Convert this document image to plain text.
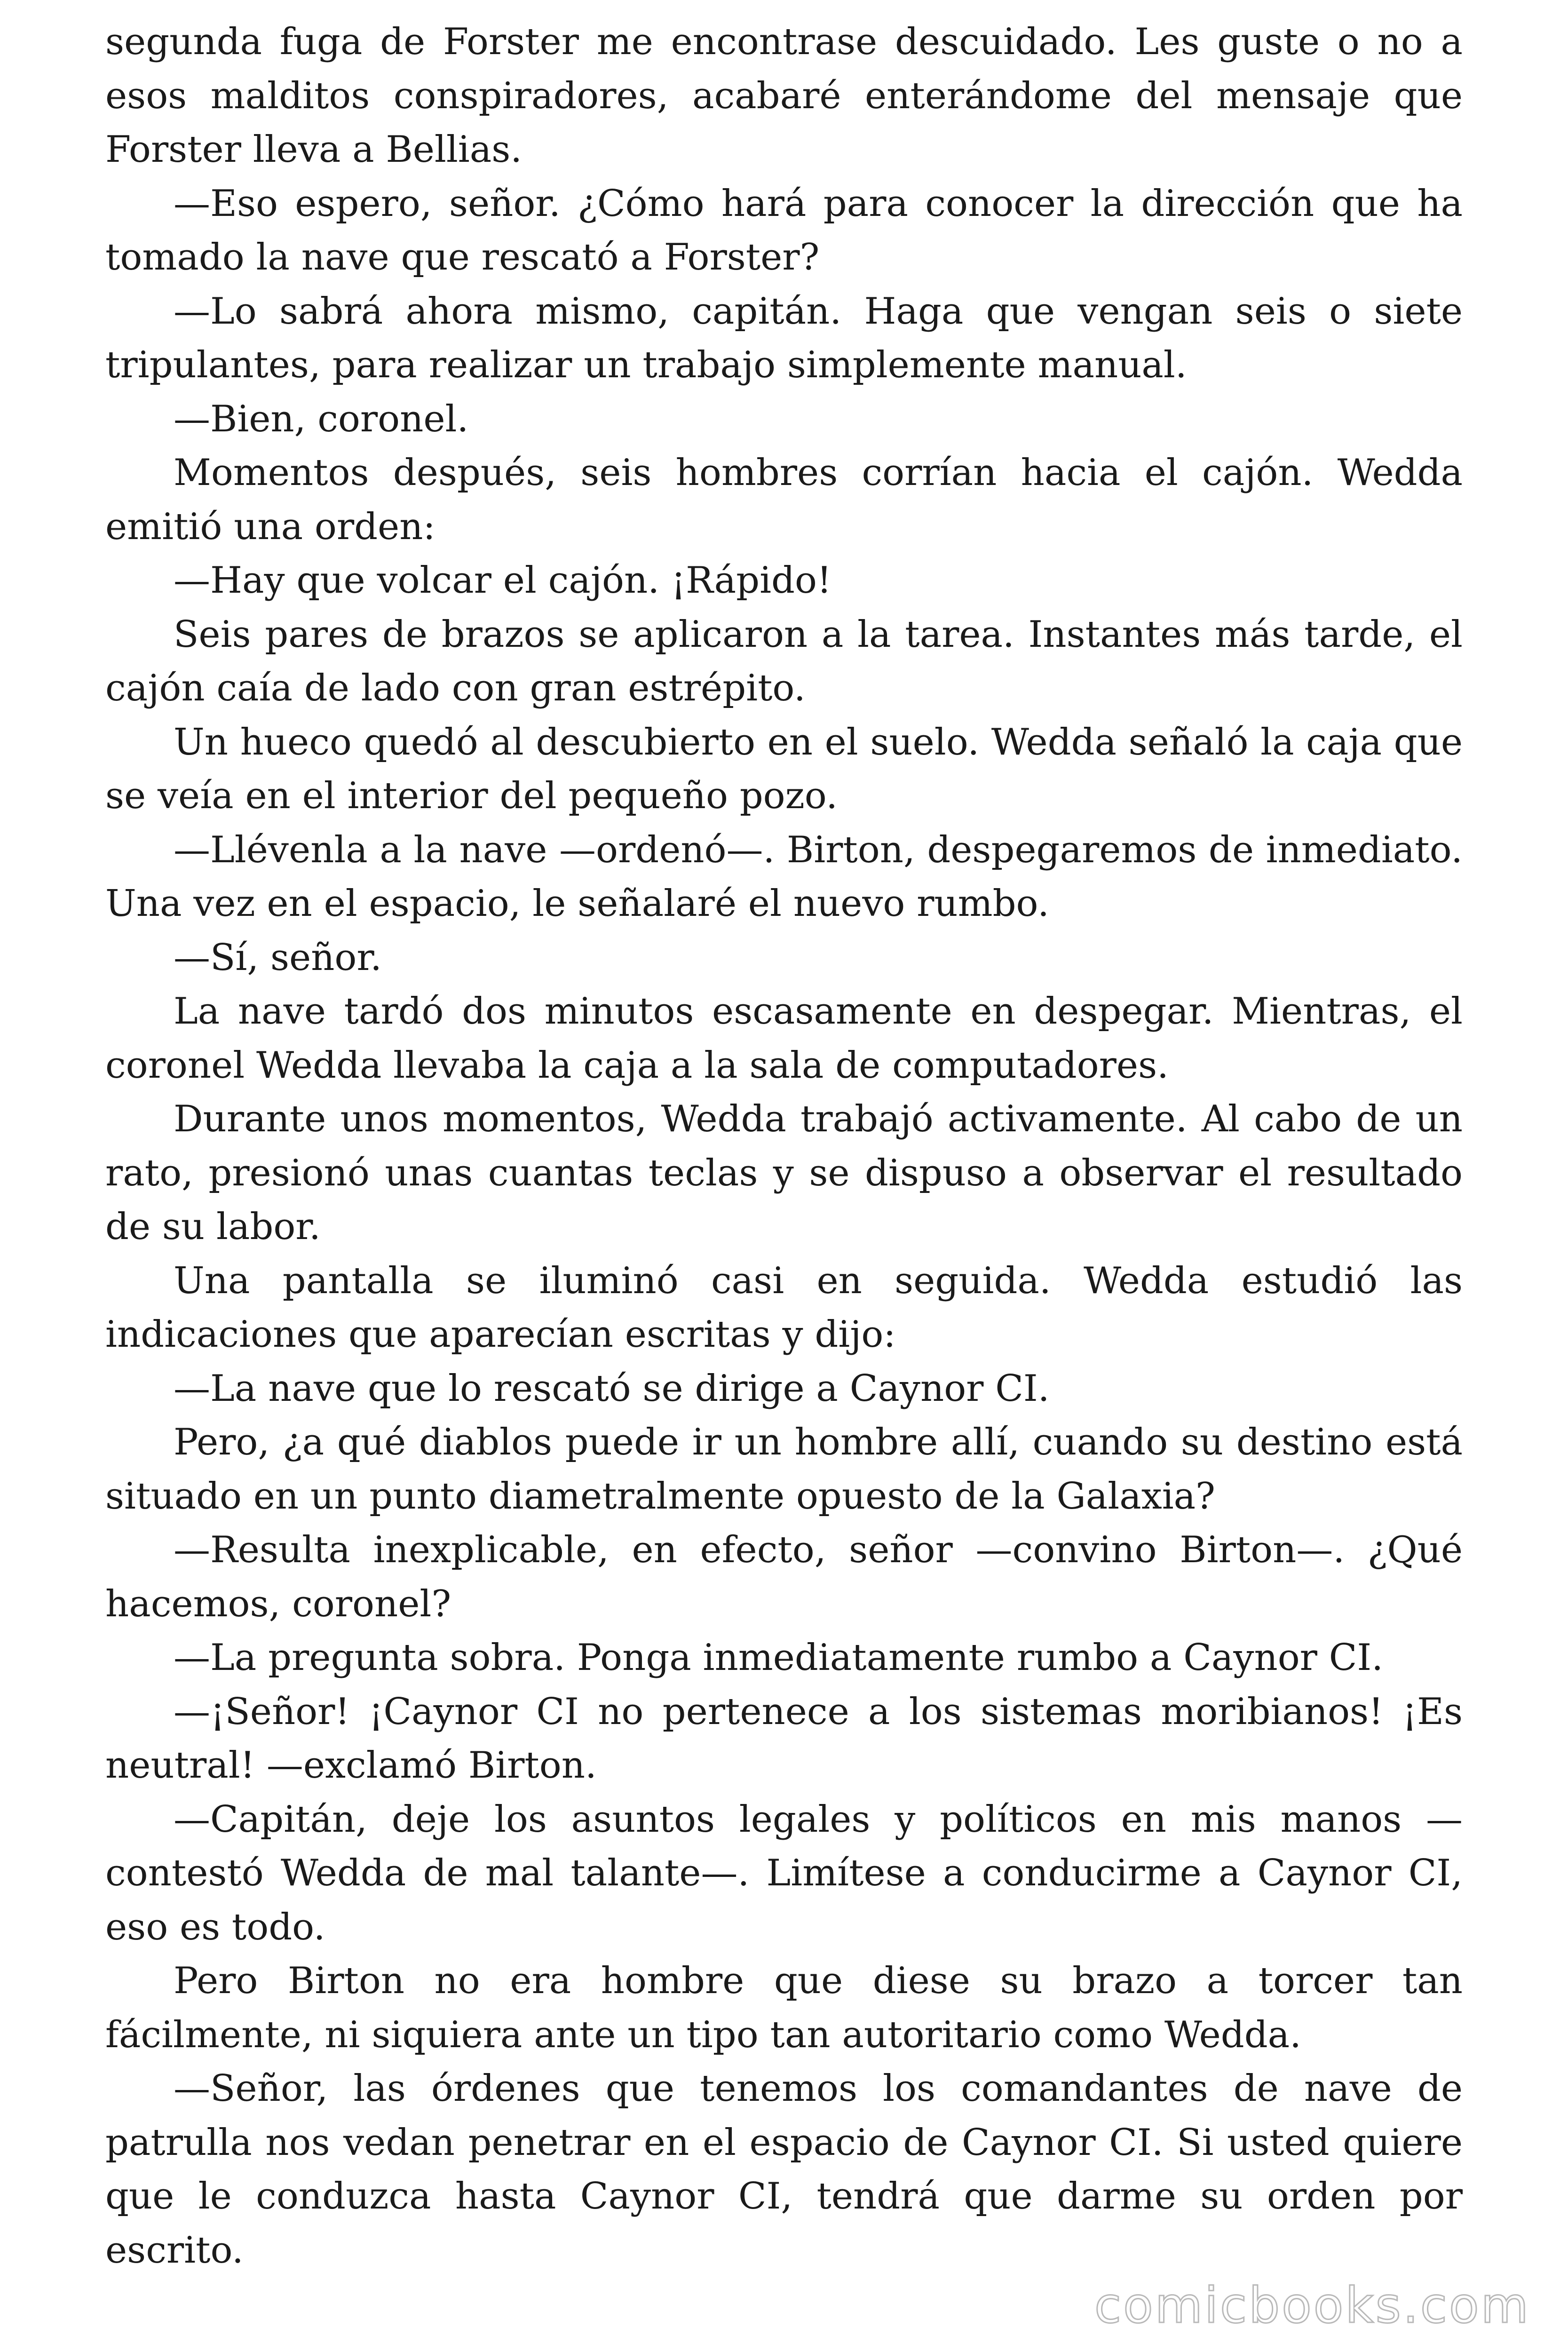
segunda fuga de Forster me encontrase descuidado. Les guste o no a esos malditos conspiradores, acabaré enterándome del mensaje que Forster lleva a Bellias.

—Eso espero, señor. ¿Cómo hará para conocer la dirección que ha tomado la nave que rescató a Forster?

—Lo sabrá ahora mismo, capitán. Haga que vengan seis o siete tripulantes, para realizar un trabajo simplemente manual.

—Bien, coronel.

Momentos después, seis hombres corrían hacia el cajón. Wedda emitió una orden:

—Hay que volcar el cajón. ¡Rápido!

Seis pares de brazos se aplicaron a la tarea. Instantes más tarde, el cajón caía de lado con gran estrépito.

Un hueco quedó al descubierto en el suelo. Wedda señaló la caja que se veía en el interior del pequeño pozo.

—Llévenla a la nave —ordenó—. Birton, despegaremos de inmediato. Una vez en el espacio, le señalaré el nuevo rumbo.

—Sí, señor.

La nave tardó dos minutos escasamente en despegar. Mientras, el coronel Wedda llevaba la caja a la sala de computadores.

Durante unos momentos, Wedda trabajó activamente. Al cabo de un rato, presionó unas cuantas teclas y se dispuso a observar el resultado de su labor.

Una pantalla se iluminó casi en seguida. Wedda estudió las indicaciones que aparecían escritas y dijo:

—La nave que lo rescató se dirige a Caynor CI.

Pero, ¿a qué diablos puede ir un hombre allí, cuando su destino está situado en un punto diametralmente opuesto de la Galaxia?

—Resulta inexplicable, en efecto, señor —convino Birton—. ¿Qué hacemos, coronel?

—La pregunta sobra. Ponga inmediatamente rumbo a Caynor CI.

—¡Señor! ¡Caynor CI no pertenece a los sistemas moribianos! ¡Es neutral! —exclamó Birton.

—Capitán, deje los asuntos legales y políticos en mis manos —contestó Wedda de mal talante—. Limítese a conducirme a Caynor CI, eso es todo.

Pero Birton no era hombre que diese su brazo a torcer tan fácilmente, ni siquiera ante un tipo tan autoritario como Wedda.

—Señor, las órdenes que tenemos los comandantes de nave de patrulla nos vedan penetrar en el espacio de Caynor CI. Si usted quiere que le conduzca hasta Caynor CI, tendrá que darme su orden por escrito.

comicbooks.com
